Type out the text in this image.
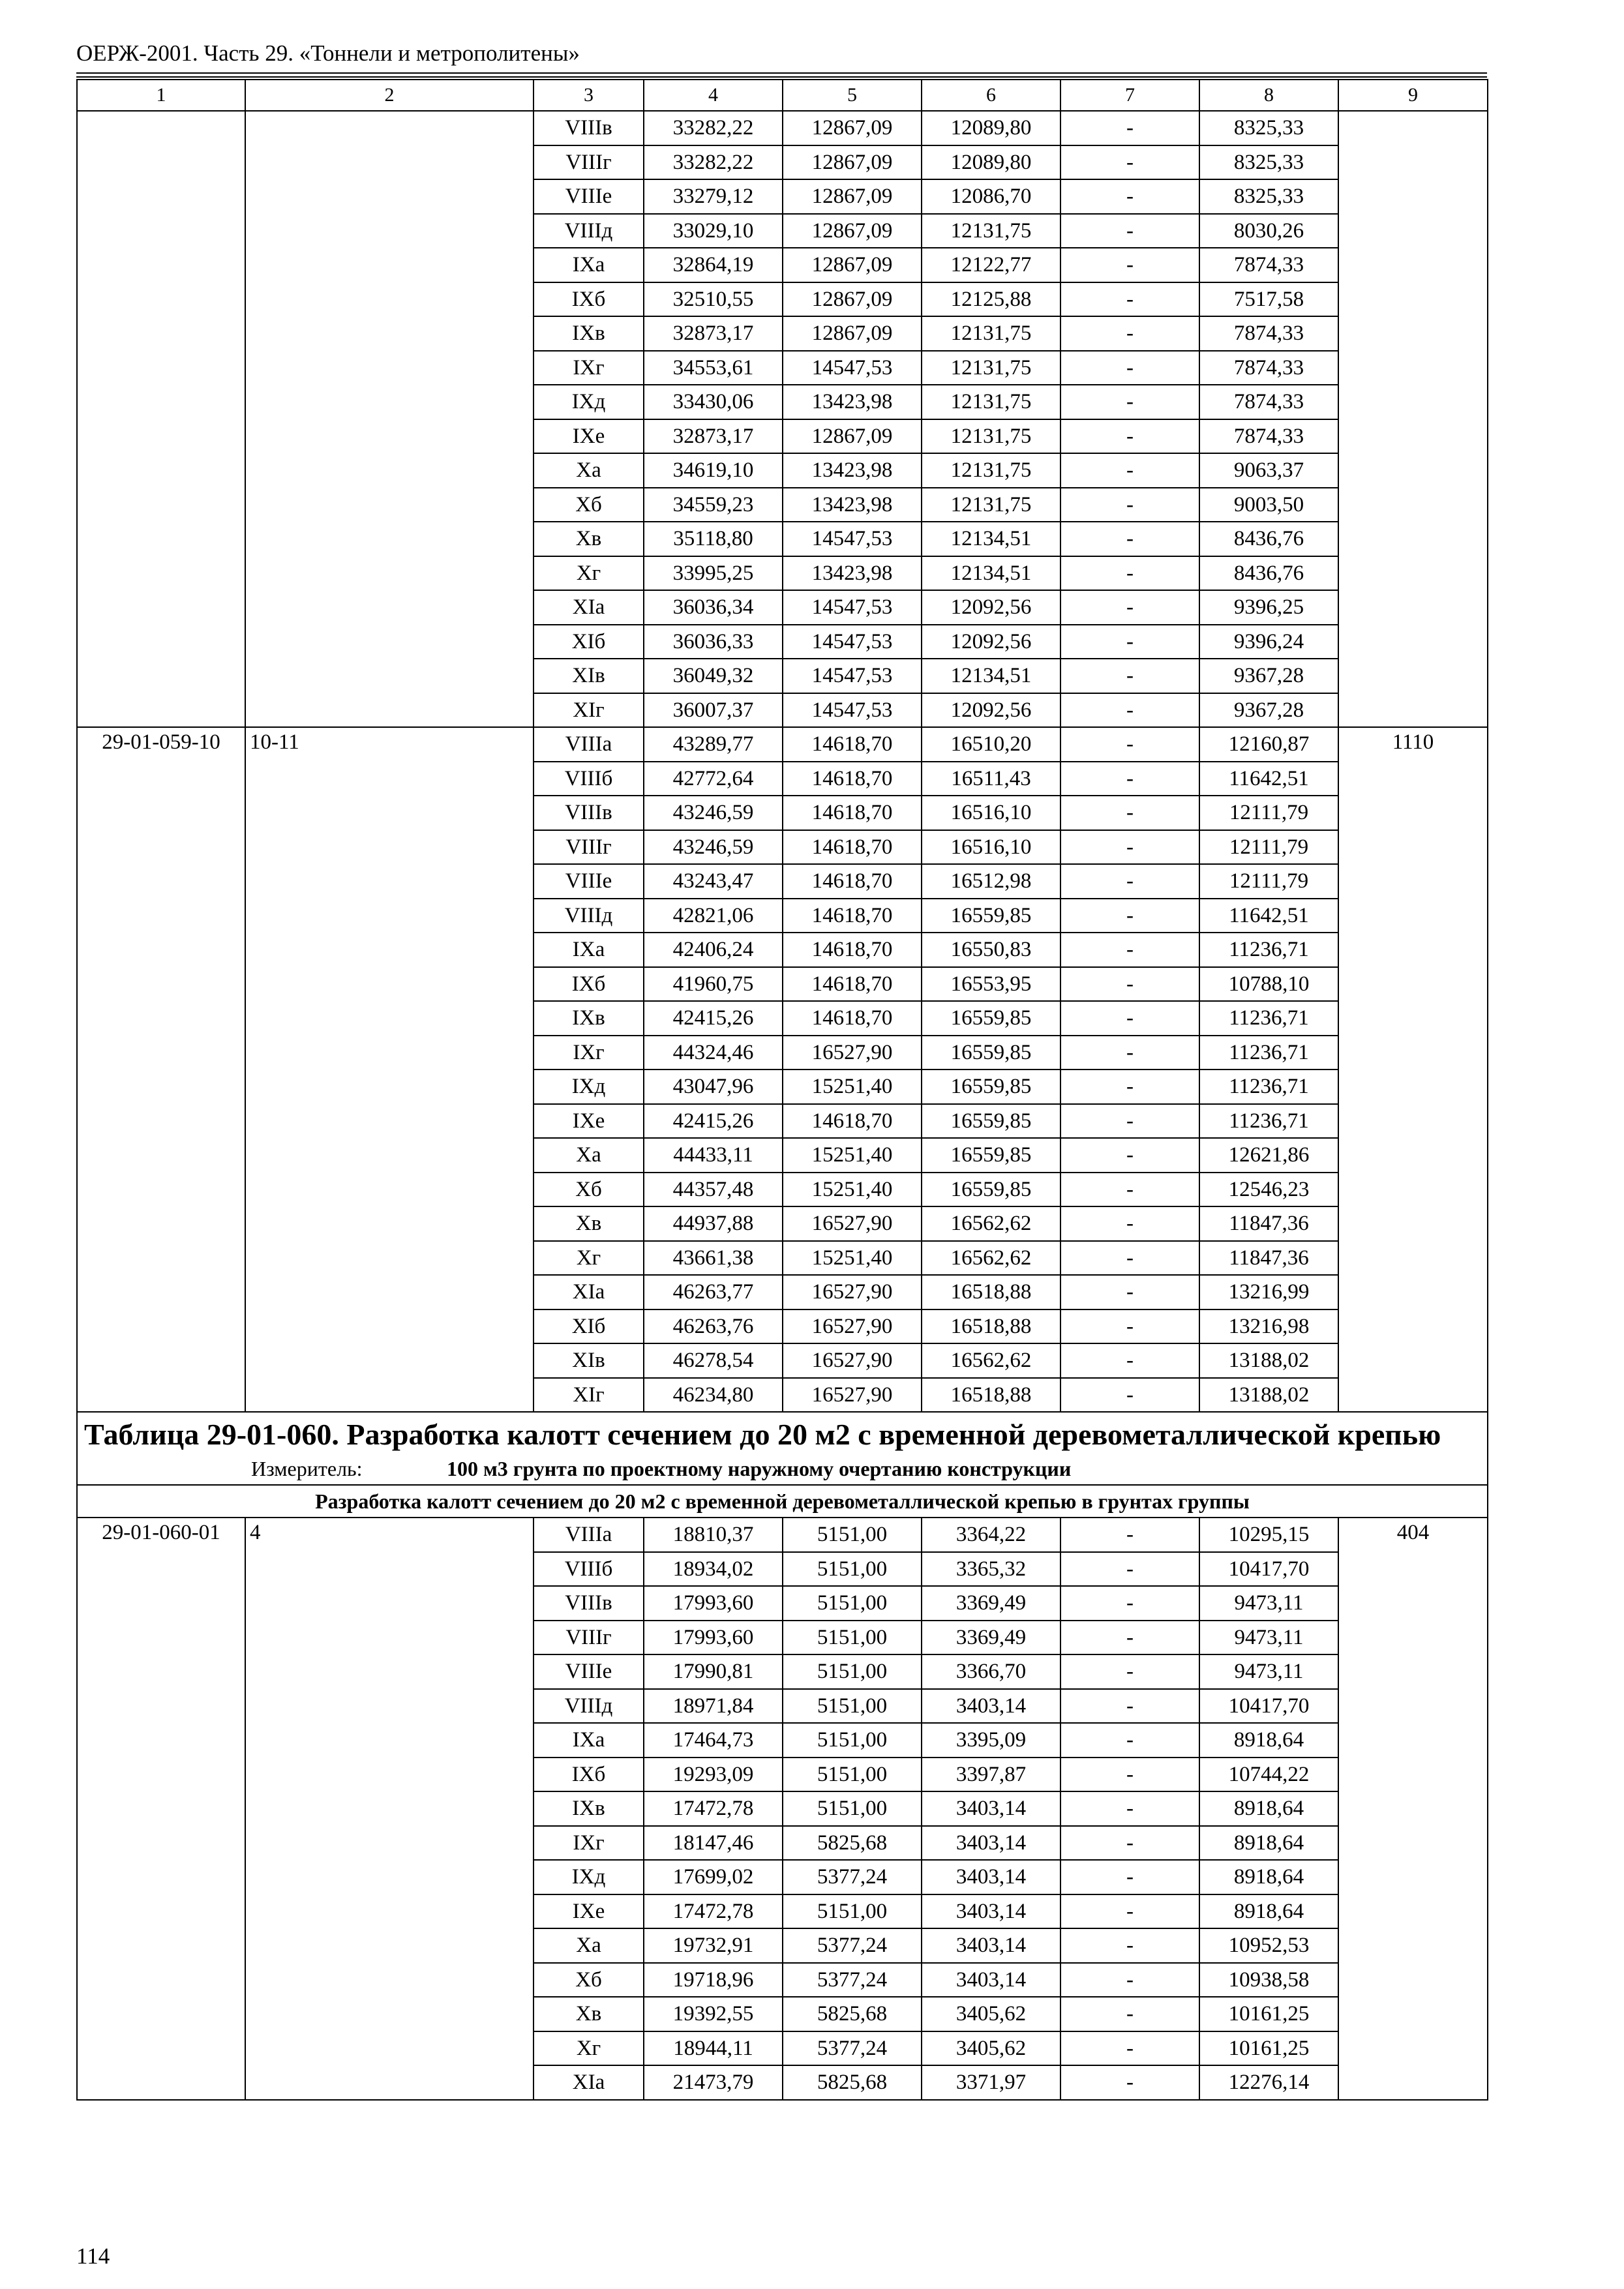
ОЕРЖ-2001. Часть 29. «Тоннели и метрополитены»
1	2	3	4	5	6	7	8	9
		VIIIв	33282,22	12867,09	12089,80	-	8325,33	
		VIIIг	33282,22	12867,09	12089,80	-	8325,33	
		VIIIе	33279,12	12867,09	12086,70	-	8325,33	
		VIIIд	33029,10	12867,09	12131,75	-	8030,26	
		IXа	32864,19	12867,09	12122,77	-	7874,33	
		IXб	32510,55	12867,09	12125,88	-	7517,58	
		IXв	32873,17	12867,09	12131,75	-	7874,33	
		IXг	34553,61	14547,53	12131,75	-	7874,33	
		IXд	33430,06	13423,98	12131,75	-	7874,33	
		IXе	32873,17	12867,09	12131,75	-	7874,33	
		Xа	34619,10	13423,98	12131,75	-	9063,37	
		Xб	34559,23	13423,98	12131,75	-	9003,50	
		Xв	35118,80	14547,53	12134,51	-	8436,76	
		Xг	33995,25	13423,98	12134,51	-	8436,76	
		XIа	36036,34	14547,53	12092,56	-	9396,25	
		XIб	36036,33	14547,53	12092,56	-	9396,24	
		XIв	36049,32	14547,53	12134,51	-	9367,28	
		XIг	36007,37	14547,53	12092,56	-	9367,28	
29-01-059-10	10-11	VIIIа	43289,77	14618,70	16510,20	-	12160,87	1110
		VIIIб	42772,64	14618,70	16511,43	-	11642,51	
		VIIIв	43246,59	14618,70	16516,10	-	12111,79	
		VIIIг	43246,59	14618,70	16516,10	-	12111,79	
		VIIIе	43243,47	14618,70	16512,98	-	12111,79	
		VIIIд	42821,06	14618,70	16559,85	-	11642,51	
		IXа	42406,24	14618,70	16550,83	-	11236,71	
		IXб	41960,75	14618,70	16553,95	-	10788,10	
		IXв	42415,26	14618,70	16559,85	-	11236,71	
		IXг	44324,46	16527,90	16559,85	-	11236,71	
		IXд	43047,96	15251,40	16559,85	-	11236,71	
		IXе	42415,26	14618,70	16559,85	-	11236,71	
		Xа	44433,11	15251,40	16559,85	-	12621,86	
		Xб	44357,48	15251,40	16559,85	-	12546,23	
		Xв	44937,88	16527,90	16562,62	-	11847,36	
		Xг	43661,38	15251,40	16562,62	-	11847,36	
		XIа	46263,77	16527,90	16518,88	-	13216,99	
		XIб	46263,76	16527,90	16518,88	-	13216,98	
		XIв	46278,54	16527,90	16562,62	-	13188,02	
		XIг	46234,80	16527,90	16518,88	-	13188,02	
Таблица 29-01-060. Разработка калотт сечением до 20 м2 с временной деревометаллической крепью								
Измеритель: 100 м3 грунта по проектному наружному очертанию конструкции								
Разработка калотт сечением до 20 м2 с временной деревометаллической крепью в грунтах группы								
29-01-060-01	4	VIIIа	18810,37	5151,00	3364,22	-	10295,15	404
		VIIIб	18934,02	5151,00	3365,32	-	10417,70	
		VIIIв	17993,60	5151,00	3369,49	-	9473,11	
		VIIIг	17993,60	5151,00	3369,49	-	9473,11	
		VIIIе	17990,81	5151,00	3366,70	-	9473,11	
		VIIIд	18971,84	5151,00	3403,14	-	10417,70	
		IXа	17464,73	5151,00	3395,09	-	8918,64	
		IXб	19293,09	5151,00	3397,87	-	10744,22	
		IXв	17472,78	5151,00	3403,14	-	8918,64	
		IXг	18147,46	5825,68	3403,14	-	8918,64	
		IXд	17699,02	5377,24	3403,14	-	8918,64	
		IXе	17472,78	5151,00	3403,14	-	8918,64	
		Xа	19732,91	5377,24	3403,14	-	10952,53	
		Xб	19718,96	5377,24	3403,14	-	10938,58	
		Xв	19392,55	5825,68	3405,62	-	10161,25	
		Xг	18944,11	5377,24	3405,62	-	10161,25	
		XIа	21473,79	5825,68	3371,97	-	12276,14	
114
